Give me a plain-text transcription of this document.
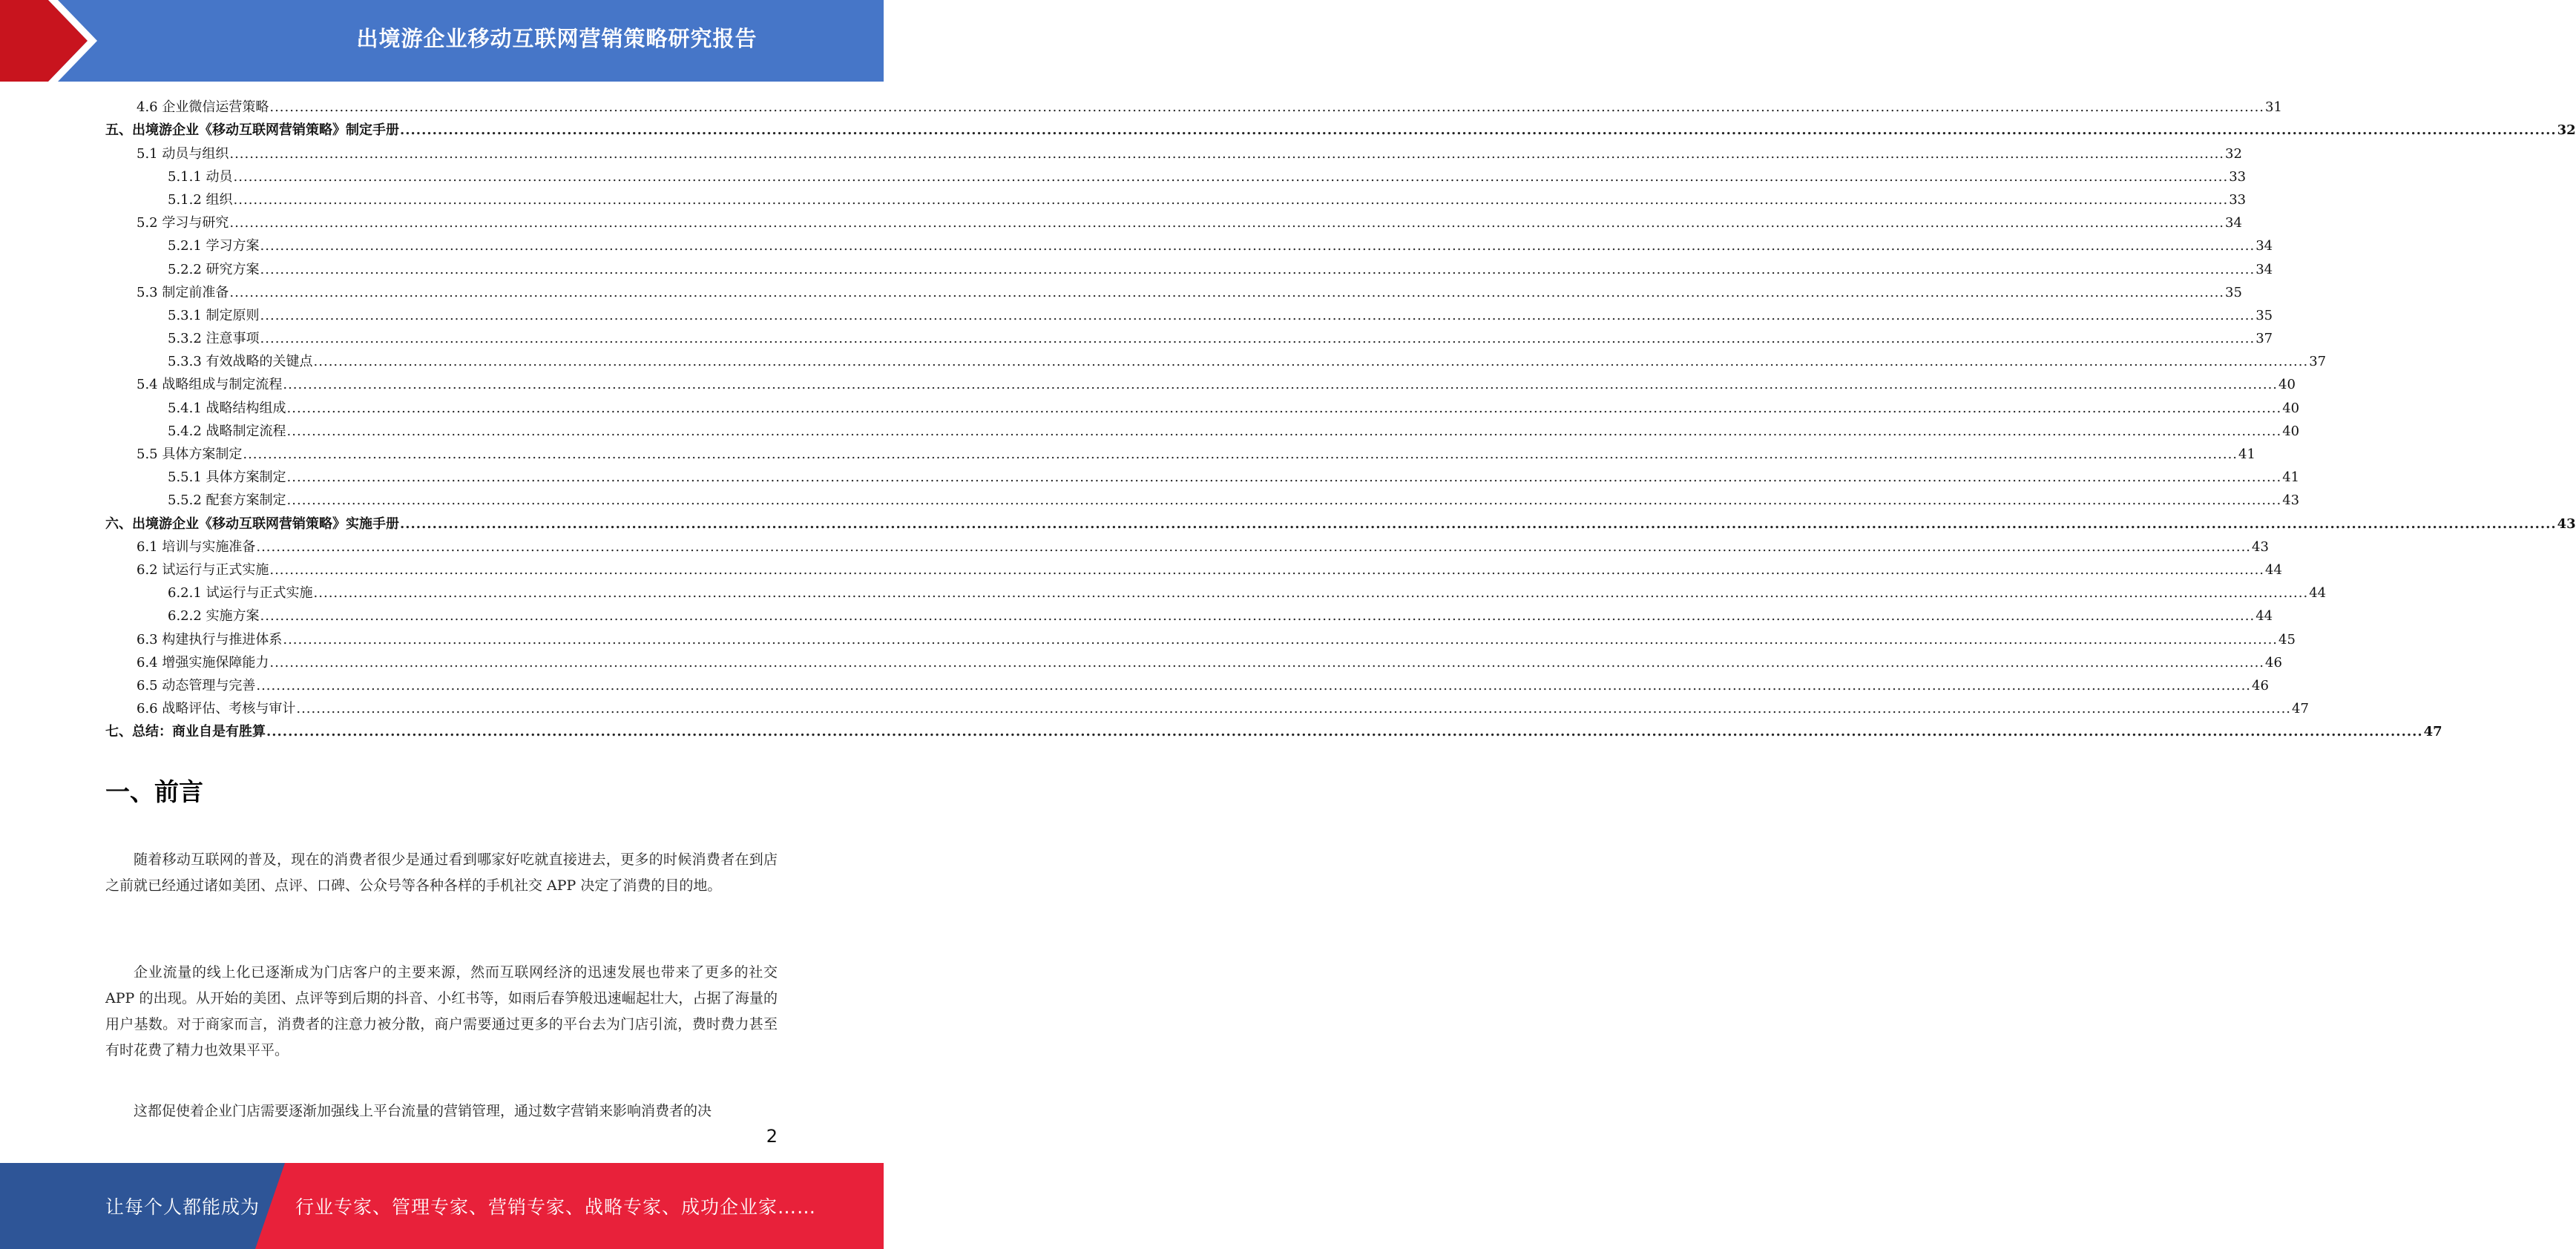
出境游企业移动互联网营销策略研究报告
4.6 企业微信运营策略 ................................................................................................................................................................................................................................................................................................................................................................................................................ 31
五、出境游企业《移动互联网营销策略》制定手册 ................................................................................................................................................................................................................................................................................................................................................................................................................ 32
5.1 动员与组织 ................................................................................................................................................................................................................................................................................................................................................................................................................ 32
5.1.1 动员 ................................................................................................................................................................................................................................................................................................................................................................................................................ 33
5.1.2 组织 ................................................................................................................................................................................................................................................................................................................................................................................................................ 33
5.2 学习与研究 ................................................................................................................................................................................................................................................................................................................................................................................................................ 34
5.2.1 学习方案 ................................................................................................................................................................................................................................................................................................................................................................................................................ 34
5.2.2 研究方案 ................................................................................................................................................................................................................................................................................................................................................................................................................ 34
5.3 制定前准备 ................................................................................................................................................................................................................................................................................................................................................................................................................ 35
5.3.1 制定原则 ................................................................................................................................................................................................................................................................................................................................................................................................................ 35
5.3.2 注意事项 ................................................................................................................................................................................................................................................................................................................................................................................................................ 37
5.3.3 有效战略的关键点 ................................................................................................................................................................................................................................................................................................................................................................................................................ 37
5.4 战略组成与制定流程 ................................................................................................................................................................................................................................................................................................................................................................................................................ 40
5.4.1 战略结构组成 ................................................................................................................................................................................................................................................................................................................................................................................................................ 40
5.4.2 战略制定流程 ................................................................................................................................................................................................................................................................................................................................................................................................................ 40
5.5 具体方案制定 ................................................................................................................................................................................................................................................................................................................................................................................................................ 41
5.5.1 具体方案制定 ................................................................................................................................................................................................................................................................................................................................................................................................................ 41
5.5.2 配套方案制定 ................................................................................................................................................................................................................................................................................................................................................................................................................ 43
六、出境游企业《移动互联网营销策略》实施手册 ................................................................................................................................................................................................................................................................................................................................................................................................................ 43
6.1 培训与实施准备 ................................................................................................................................................................................................................................................................................................................................................................................................................ 43
6.2 试运行与正式实施 ................................................................................................................................................................................................................................................................................................................................................................................................................ 44
6.2.1 试运行与正式实施 ................................................................................................................................................................................................................................................................................................................................................................................................................ 44
6.2.2 实施方案 ................................................................................................................................................................................................................................................................................................................................................................................................................ 44
6.3 构建执行与推进体系 ................................................................................................................................................................................................................................................................................................................................................................................................................ 45
6.4 增强实施保障能力 ................................................................................................................................................................................................................................................................................................................................................................................................................ 46
6.5 动态管理与完善 ................................................................................................................................................................................................................................................................................................................................................................................................................ 46
6.6 战略评估、考核与审计 ................................................................................................................................................................................................................................................................................................................................................................................................................ 47
七、总结：商业自是有胜算 ................................................................................................................................................................................................................................................................................................................................................................................................................ 47
一、前言

随着移动互联网的普及，现在的消费者很少是通过看到哪家好吃就直接进去，更多的时候消费者在到店之前就已经通过诸如美团、点评、口碑、公众号等各种各样的手机社交 APP 决定了消费的目的地。

企业流量的线上化已逐渐成为门店客户的主要来源，然而互联网经济的迅速发展也带来了更多的社交 APP 的出现。从开始的美团、点评等到后期的抖音、小红书等，如雨后春笋般迅速崛起壮大，占据了海量的用户基数。对于商家而言，消费者的注意力被分散，商户需要通过更多的平台去为门店引流，费时费力甚至有时花费了精力也效果平平。

这都促使着企业门店需要逐渐加强线上平台流量的营销管理，通过数字营销来影响消费者的决

2
让每个人都能成为 行业专家、管理专家、营销专家、战略专家、成功企业家……
